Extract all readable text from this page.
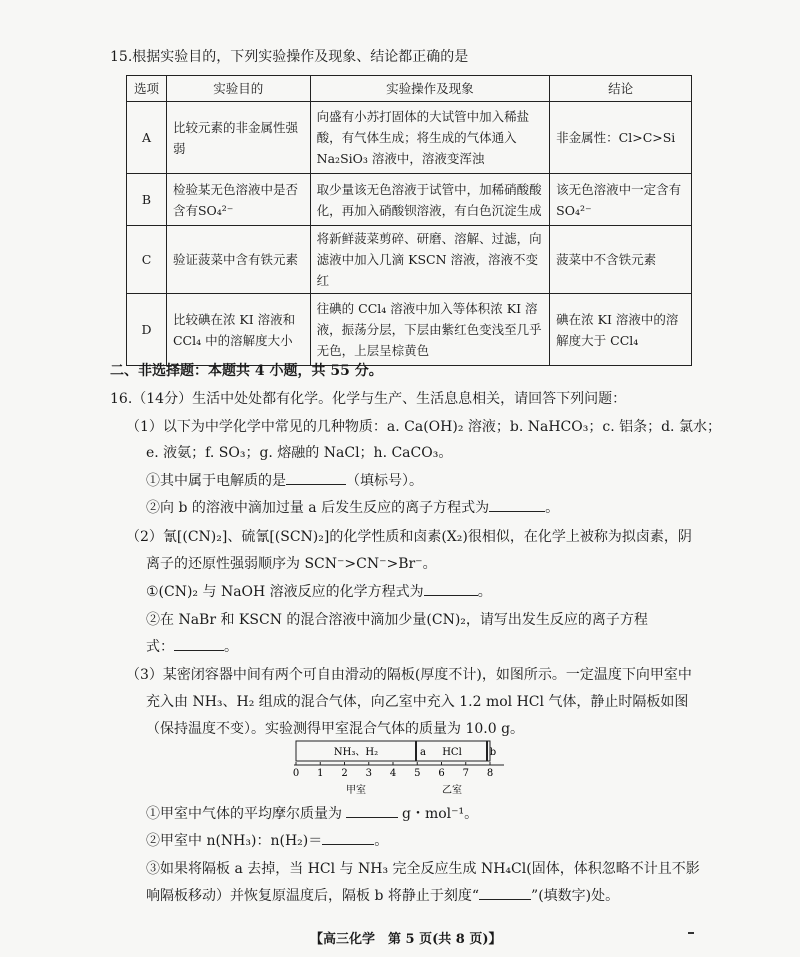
15.根据实验目的，下列实验操作及现象、结论都正确的是
选项	实验目的	实验操作及现象	结论
A	比较元素的非金属性强弱	向盛有小苏打固体的大试管中加入稀盐酸，有气体生成；将生成的气体通入 Na₂SiO₃ 溶液中，溶液变浑浊	非金属性：Cl>C>Si
B	检验某无色溶液中是否含有SO₄²⁻	取少量该无色溶液于试管中，加稀硝酸酸化，再加入硝酸钡溶液，有白色沉淀生成	该无色溶液中一定含有SO₄²⁻
C	验证菠菜中含有铁元素	将新鲜菠菜剪碎、研磨、溶解、过滤，向滤液中加入几滴 KSCN 溶液，溶液不变红	菠菜中不含铁元素
D	比较碘在浓 KI 溶液和 CCl₄ 中的溶解度大小	往碘的 CCl₄ 溶液中加入等体积浓 KI 溶液，振荡分层，下层由紫红色变浅至几乎无色，上层呈棕黄色	碘在浓 KI 溶液中的溶解度大于 CCl₄
二、非选择题：本题共 4 小题，共 55 分。
16.（14分）生活中处处都有化学。化学与生产、生活息息相关，请回答下列问题：
（1）以下为中学化学中常见的几种物质：a. Ca(OH)₂ 溶液；b. NaHCO₃；c. 铝条；d. 氯水；
e. 液氨；f. SO₃；g. 熔融的 NaCl；h. CaCO₃。
①其中属于电解质的是	（填标号）。
②向 b 的溶液中滴加过量 a 后发生反应的离子方程式为	。
（2）氰[(CN)₂]、硫氰[(SCN)₂]的化学性质和卤素(X₂)很相似，在化学上被称为拟卤素，阴
离子的还原性强弱顺序为 SCN⁻>CN⁻>Br⁻。
①(CN)₂ 与 NaOH 溶液反应的化学方程式为	。
②在 NaBr 和 KSCN 的混合溶液中滴加少量(CN)₂，请写出发生反应的离子方程
式：	。
（3）某密闭容器中间有两个可自由滑动的隔板(厚度不计)，如图所示。一定温度下向甲室中
充入由 NH₃、H₂ 组成的混合气体，向乙室中充入 1.2 mol HCl 气体，静止时隔板如图
（保持温度不变）。实验测得甲室混合气体的质量为 10.0 g。
NH₃、H₂	a HCl	b
0 1 2 3 4 5 6 7 8
甲室	乙室
①甲室中气体的平均摩尔质量为	g・mol⁻¹。
②甲室中 n(NH₃)：n(H₂)＝	。
③如果将隔板 a 去掉，当 HCl 与 NH₃ 完全反应生成 NH₄Cl(固体，体积忽略不计且不影
响隔板移动）并恢复原温度后，隔板 b 将静止于刻度“	”(填数字)处。
【高三化学　第 5 页(共 8 页)】
